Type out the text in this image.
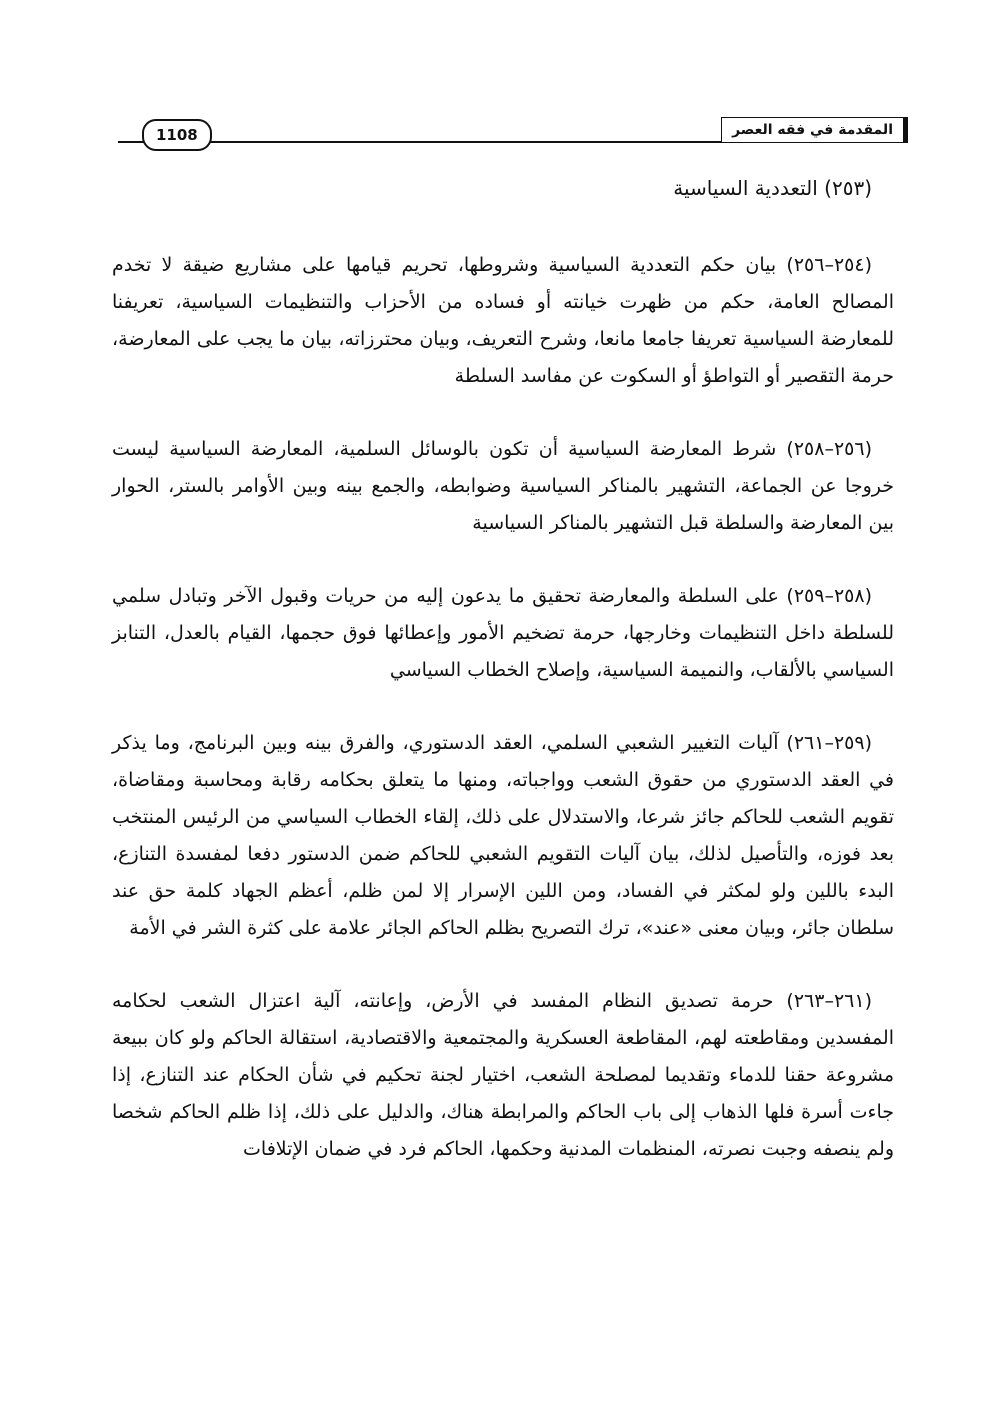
1108	المقدمة في فقه العصر

(٢٥٣) التعددية السياسية

(٢٥٤–٢٥٦) بيان حكم التعددية السياسية وشروطها، تحريم قيامها على مشاريع ضيقة لا تخدم المصالح العامة، حكم من ظهرت خيانته أو فساده من الأحزاب والتنظيمات السياسية، تعريفنا للمعارضة السياسية تعريفا جامعا مانعا، وشرح التعريف، وبيان محترزاته، بيان ما يجب على المعارضة، حرمة التقصير أو التواطؤ أو السكوت عن مفاسد السلطة

(٢٥٦–٢٥٨) شرط المعارضة السياسية أن تكون بالوسائل السلمية، المعارضة السياسية ليست خروجا عن الجماعة، التشهير بالمناكر السياسية وضوابطه، والجمع بينه وبين الأوامر بالستر، الحوار بين المعارضة والسلطة قبل التشهير بالمناكر السياسية

(٢٥٨–٢٥٩) على السلطة والمعارضة تحقيق ما يدعون إليه من حريات وقبول الآخر وتبادل سلمي للسلطة داخل التنظيمات وخارجها، حرمة تضخيم الأمور وإعطائها فوق حجمها، القيام بالعدل، التنابز السياسي بالألقاب، والنميمة السياسية، وإصلاح الخطاب السياسي

(٢٥٩–٢٦١) آليات التغيير الشعبي السلمي، العقد الدستوري، والفرق بينه وبين البرنامج، وما يذكر في العقد الدستوري من حقوق الشعب وواجباته، ومنها ما يتعلق بحكامه رقابة ومحاسبة ومقاضاة، تقويم الشعب للحاكم جائز شرعا، والاستدلال على ذلك، إلقاء الخطاب السياسي من الرئيس المنتخب بعد فوزه، والتأصيل لذلك، بيان آليات التقويم الشعبي للحاكم ضمن الدستور دفعا لمفسدة التنازع، البدء باللين ولو لمكثر في الفساد، ومن اللين الإسرار إلا لمن ظلم، أعظم الجهاد كلمة حق عند سلطان جائر، وبيان معنى «عند»، ترك التصريح بظلم الحاكم الجائر علامة على كثرة الشر في الأمة

(٢٦١–٢٦٣) حرمة تصديق النظام المفسد في الأرض، وإعانته، آلية اعتزال الشعب لحكامه المفسدين ومقاطعته لهم، المقاطعة العسكرية والمجتمعية والاقتصادية، استقالة الحاكم ولو كان ببيعة مشروعة حقنا للدماء وتقديما لمصلحة الشعب، اختيار لجنة تحكيم في شأن الحكام عند التنازع، إذا جاءت أسرة فلها الذهاب إلى باب الحاكم والمرابطة هناك، والدليل على ذلك، إذا ظلم الحاكم شخصا ولم ينصفه وجبت نصرته، المنظمات المدنية وحكمها، الحاكم فرد في ضمان الإتلافات
